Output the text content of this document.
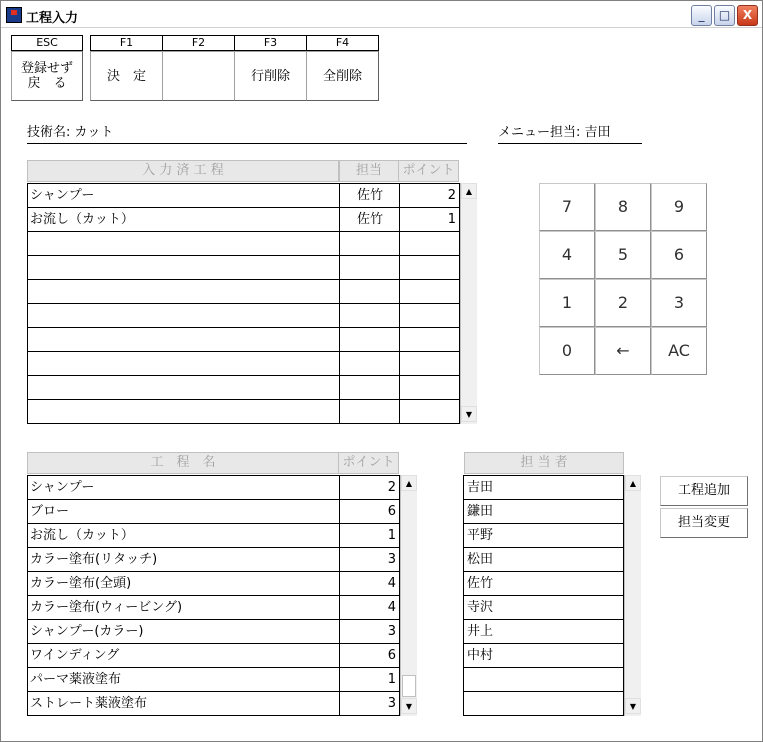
工程入力	_	□	X
ESC
登録せず
戻　る
F1
決　定
F2	F3
行削除
F4
全削除
技術名: カット	メニュー担当: 吉田
入 力 済 工 程	担当	ポイント
シャンプー	佐竹	2
お流し（カット）	佐竹	1
▲
▼
7	8	9
4	5	6
1	2	3
0	←	AC
工　程　名	ポイント
シャンプー	2
ブロー	6
お流し（カット）	1
カラー塗布(リタッチ)	3
カラー塗布(全頭)	4
カラー塗布(ウィービング)	4
シャンプー(カラー)	3
ワインディング	6
パーマ薬液塗布	1
ストレート薬液塗布	3
▲
▼
担 当 者
吉田
鎌田
平野
松田
佐竹
寺沢
井上
中村
▲
▼
工程追加
担当変更
